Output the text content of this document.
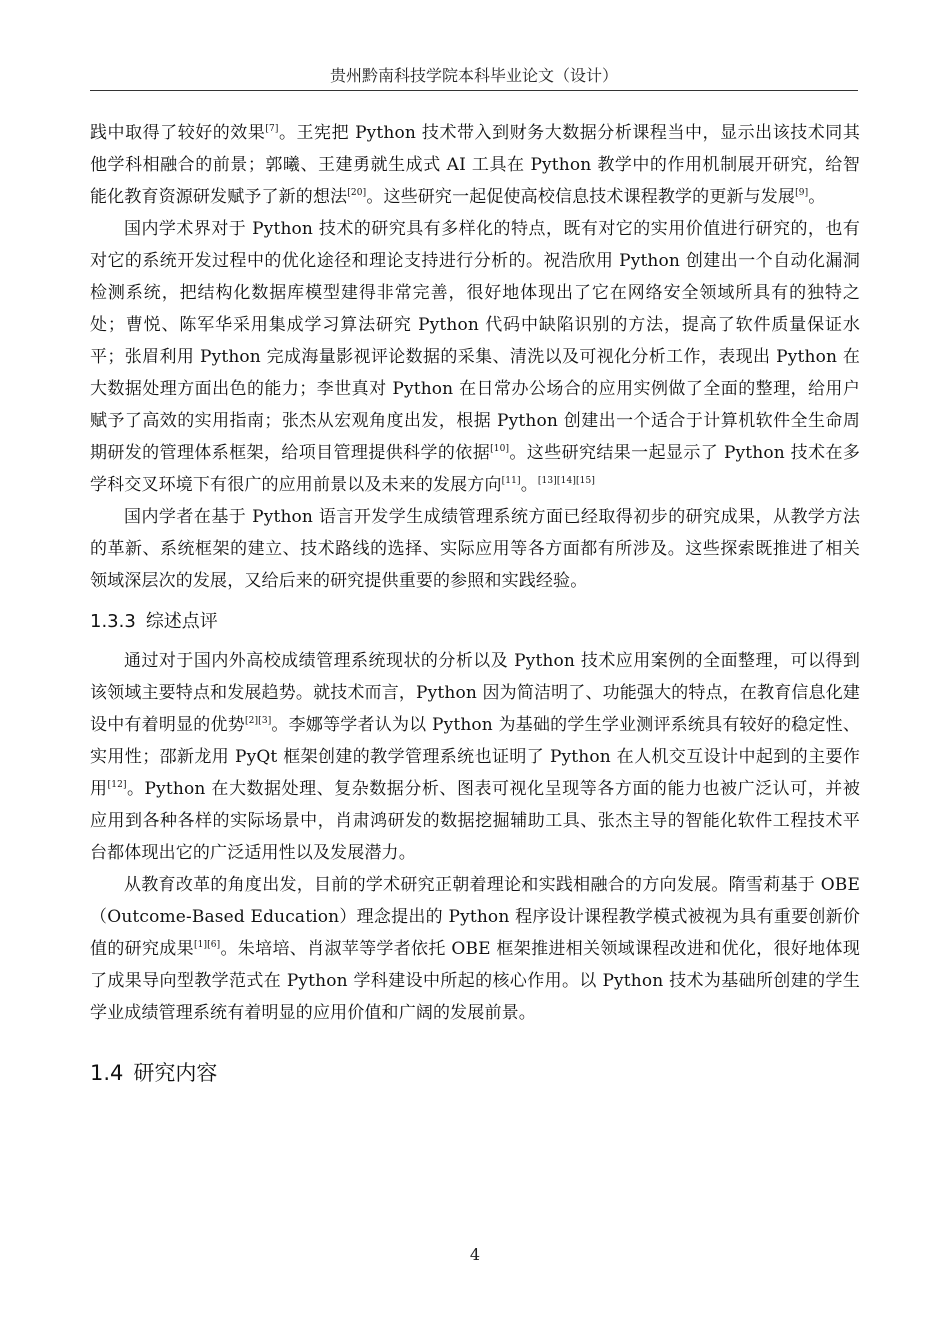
贵州黔南科技学院本科毕业论文（设计）

践中取得了较好的效果[7]。王宪把 Python 技术带入到财务大数据分析课程当中，显示出该技术同其他学科相融合的前景；郭曦、王建勇就生成式 AI 工具在 Python 教学中的作用机制展开研究，给智能化教育资源研发赋予了新的想法[20]。这些研究一起促使高校信息技术课程教学的更新与发展[9]。

国内学术界对于 Python 技术的研究具有多样化的特点，既有对它的实用价值进行研究的，也有对它的系统开发过程中的优化途径和理论支持进行分析的。祝浩欣用 Python 创建出一个自动化漏洞检测系统，把结构化数据库模型建得非常完善，很好地体现出了它在网络安全领域所具有的独特之处；曹悦、陈军华采用集成学习算法研究 Python 代码中缺陷识别的方法，提高了软件质量保证水平；张眉利用 Python 完成海量影视评论数据的采集、清洗以及可视化分析工作，表现出 Python 在大数据处理方面出色的能力；李世真对 Python 在日常办公场合的应用实例做了全面的整理，给用户赋予了高效的实用指南；张杰从宏观角度出发，根据 Python 创建出一个适合于计算机软件全生命周期研发的管理体系框架，给项目管理提供科学的依据[10]。这些研究结果一起显示了 Python 技术在多学科交叉环境下有很广的应用前景以及未来的发展方向[11]。[13][14][15]

国内学者在基于 Python 语言开发学生成绩管理系统方面已经取得初步的研究成果，从教学方法的革新、系统框架的建立、技术路线的选择、实际应用等各方面都有所涉及。这些探索既推进了相关领域深层次的发展，又给后来的研究提供重要的参照和实践经验。

1.3.3 综述点评

通过对于国内外高校成绩管理系统现状的分析以及 Python 技术应用案例的全面整理，可以得到该领域主要特点和发展趋势。就技术而言，Python 因为简洁明了、功能强大的特点，在教育信息化建设中有着明显的优势[2][3]。李娜等学者认为以 Python 为基础的学生学业测评系统具有较好的稳定性、实用性；邵新龙用 PyQt 框架创建的教学管理系统也证明了 Python 在人机交互设计中起到的主要作用[12]。Python 在大数据处理、复杂数据分析、图表可视化呈现等各方面的能力也被广泛认可，并被应用到各种各样的实际场景中，肖肃鸿研发的数据挖掘辅助工具、张杰主导的智能化软件工程技术平台都体现出它的广泛适用性以及发展潜力。

从教育改革的角度出发，目前的学术研究正朝着理论和实践相融合的方向发展。隋雪莉基于 OBE（Outcome-Based Education）理念提出的 Python 程序设计课程教学模式被视为具有重要创新价值的研究成果[1][6]。朱培培、肖淑苹等学者依托 OBE 框架推进相关领域课程改进和优化，很好地体现了成果导向型教学范式在 Python 学科建设中所起的核心作用。以 Python 技术为基础所创建的学生学业成绩管理系统有着明显的应用价值和广阔的发展前景。

1.4 研究内容
4
